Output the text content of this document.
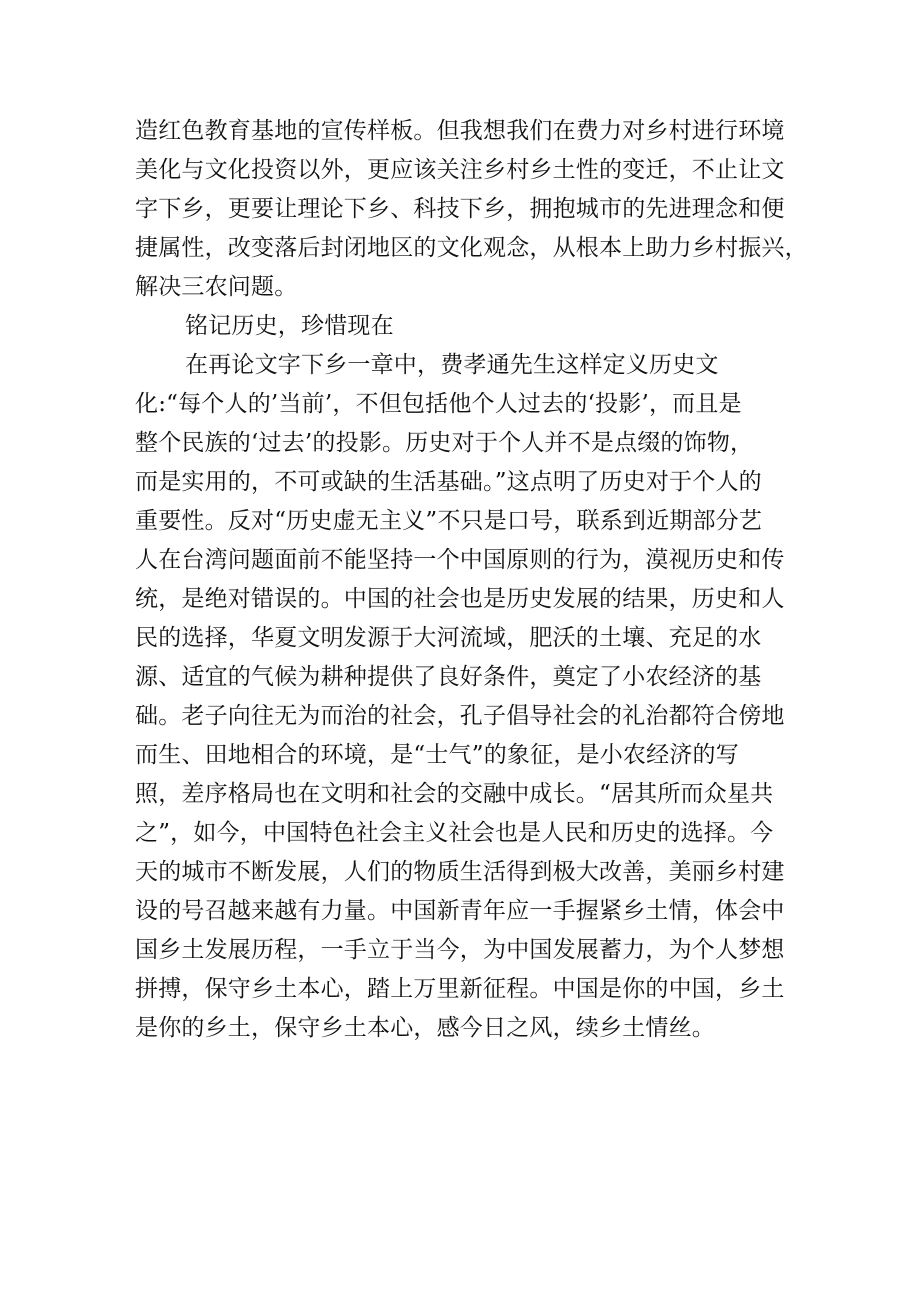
造红色教育基地的宣传样板。但我想我们在费力对乡村进行环境
美化与文化投资以外，更应该关注乡村乡土性的变迁，不止让文
字下乡，更要让理论下乡、科技下乡，拥抱城市的先进理念和便
捷属性，改变落后封闭地区的文化观念，从根本上助力乡村振兴，
解决三农问题。
铭记历史，珍惜现在
在再论文字下乡一章中，费孝通先生这样定义历史文
化:“每个人的’当前’，不但包括他个人过去的‘投影’，而且是
整个民族的‘过去’的投影。历史对于个人并不是点缀的饰物，
而是实用的，不可或缺的生活基础。”这点明了历史对于个人的
重要性。反对“历史虚无主义”不只是口号，联系到近期部分艺
人在台湾问题面前不能坚持一个中国原则的行为，漠视历史和传
统，是绝对错误的。中国的社会也是历史发展的结果，历史和人
民的选择，华夏文明发源于大河流域，肥沃的土壤、充足的水
源、适宜的气候为耕种提供了良好条件，奠定了小农经济的基
础。老子向往无为而治的社会，孔子倡导社会的礼治都符合傍地
而生、田地相合的环境，是“士气”的象征，是小农经济的写
照，差序格局也在文明和社会的交融中成长。“居其所而众星共
之”，如今，中国特色社会主义社会也是人民和历史的选择。今
天的城市不断发展，人们的物质生活得到极大改善，美丽乡村建
设的号召越来越有力量。中国新青年应一手握紧乡土情，体会中
国乡土发展历程，一手立于当今，为中国发展蓄力，为个人梦想
拼搏，保守乡土本心，踏上万里新征程。中国是你的中国，乡土
是你的乡土，保守乡土本心，感今日之风，续乡土情丝。
